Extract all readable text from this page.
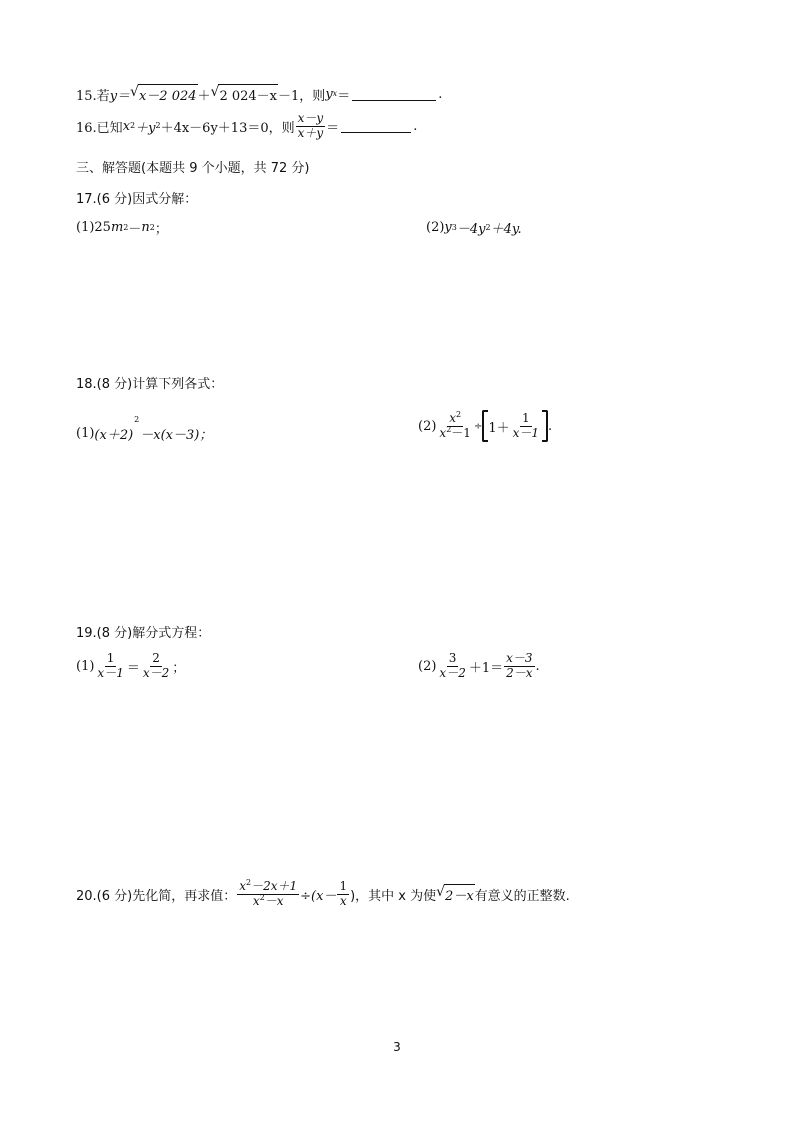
15.若 y＝ √ x－2 024 ＋ √ 2 024－x －1，则 y x ＝	.
16.已知 x 2 ＋y 2 ＋4x－6y＋13＝0，则 $\frac{x-y}{x+y}$ ＝	.
三、解答题(本题共 9 个小题，共 72 分)
17.(6 分)因式分解：
(1)25 m 2 － n 2 ；	(2) y 3 －4y 2 ＋4y.
18.(8 分)计算下列各式：
(1) (x＋2)
2
－x(x－3)；
$(2) \frac{x^2}{x^2-1} \div 1+ \frac{1}{x-1}$ .
19.(8 分)解分式方程：
$(1) \frac{1}{x-1} = \frac{2}{x-2}$ ；	$(2) \frac{3}{x-2} +1= \frac{x-3}{2-x}$ .
20.(6 分)先化简，再求值： $\frac{x^2-2x+1}{x^2-x} \div(x- \frac{1}{x}$ )，其中 x 为使 √ 2－x 有意义的正整数.
3
